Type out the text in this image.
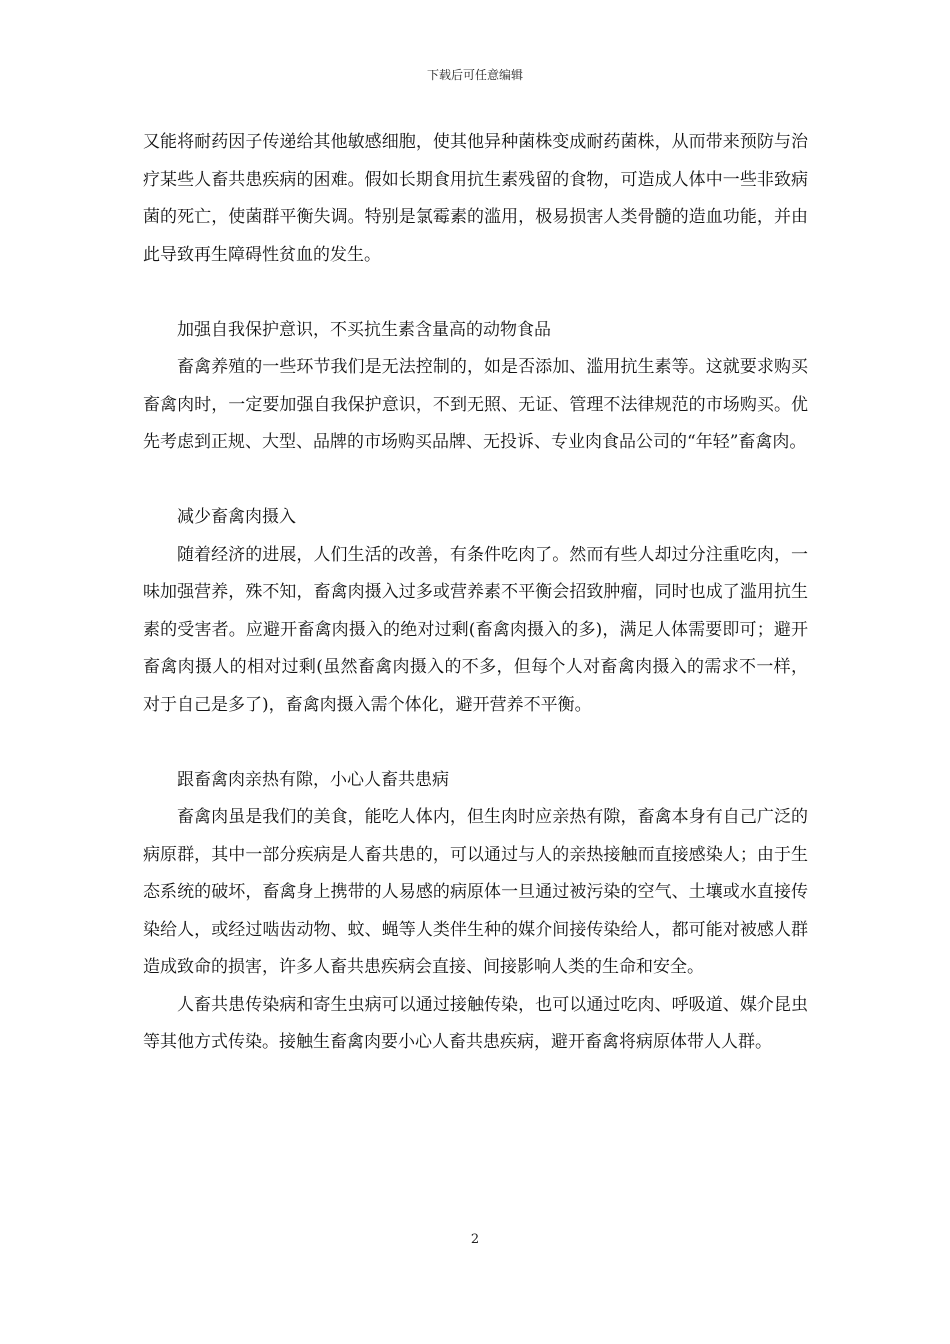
下载后可任意编辑

又能将耐药因子传递给其他敏感细胞，使其他异种菌株变成耐药菌株，从而带来预防与治疗某些人畜共患疾病的困难。假如长期食用抗生素残留的食物，可造成人体中一些非致病菌的死亡，使菌群平衡失调。特别是氯霉素的滥用，极易损害人类骨髓的造血功能，并由此导致再生障碍性贫血的发生。

加强自我保护意识，不买抗生素含量高的动物食品

畜禽养殖的一些环节我们是无法控制的，如是否添加、滥用抗生素等。这就要求购买畜禽肉时，一定要加强自我保护意识，不到无照、无证、管理不法律规范的市场购买。优先考虑到正规、大型、品牌的市场购买品牌、无投诉、专业肉食品公司的“年轻”畜禽肉。

减少畜禽肉摄入

随着经济的进展，人们生活的改善，有条件吃肉了。然而有些人却过分注重吃肉，一味加强营养，殊不知，畜禽肉摄入过多或营养素不平衡会招致肿瘤，同时也成了滥用抗生素的受害者。应避开畜禽肉摄入的绝对过剩(畜禽肉摄入的多)，满足人体需要即可；避开畜禽肉摄人的相对过剩(虽然畜禽肉摄入的不多，但每个人对畜禽肉摄入的需求不一样，对于自己是多了)，畜禽肉摄入需个体化，避开营养不平衡。

跟畜禽肉亲热有隙，小心人畜共患病

畜禽肉虽是我们的美食，能吃人体内，但生肉时应亲热有隙，畜禽本身有自己广泛的病原群，其中一部分疾病是人畜共患的，可以通过与人的亲热接触而直接感染人；由于生态系统的破坏，畜禽身上携带的人易感的病原体一旦通过被污染的空气、土壤或水直接传染给人，或经过啮齿动物、蚊、蝇等人类伴生种的媒介间接传染给人，都可能对被感人群造成致命的损害，许多人畜共患疾病会直接、间接影响人类的生命和安全。

人畜共患传染病和寄生虫病可以通过接触传染，也可以通过吃肉、呼吸道、媒介昆虫等其他方式传染。接触生畜禽肉要小心人畜共患疾病，避开畜禽将病原体带人人群。

2
